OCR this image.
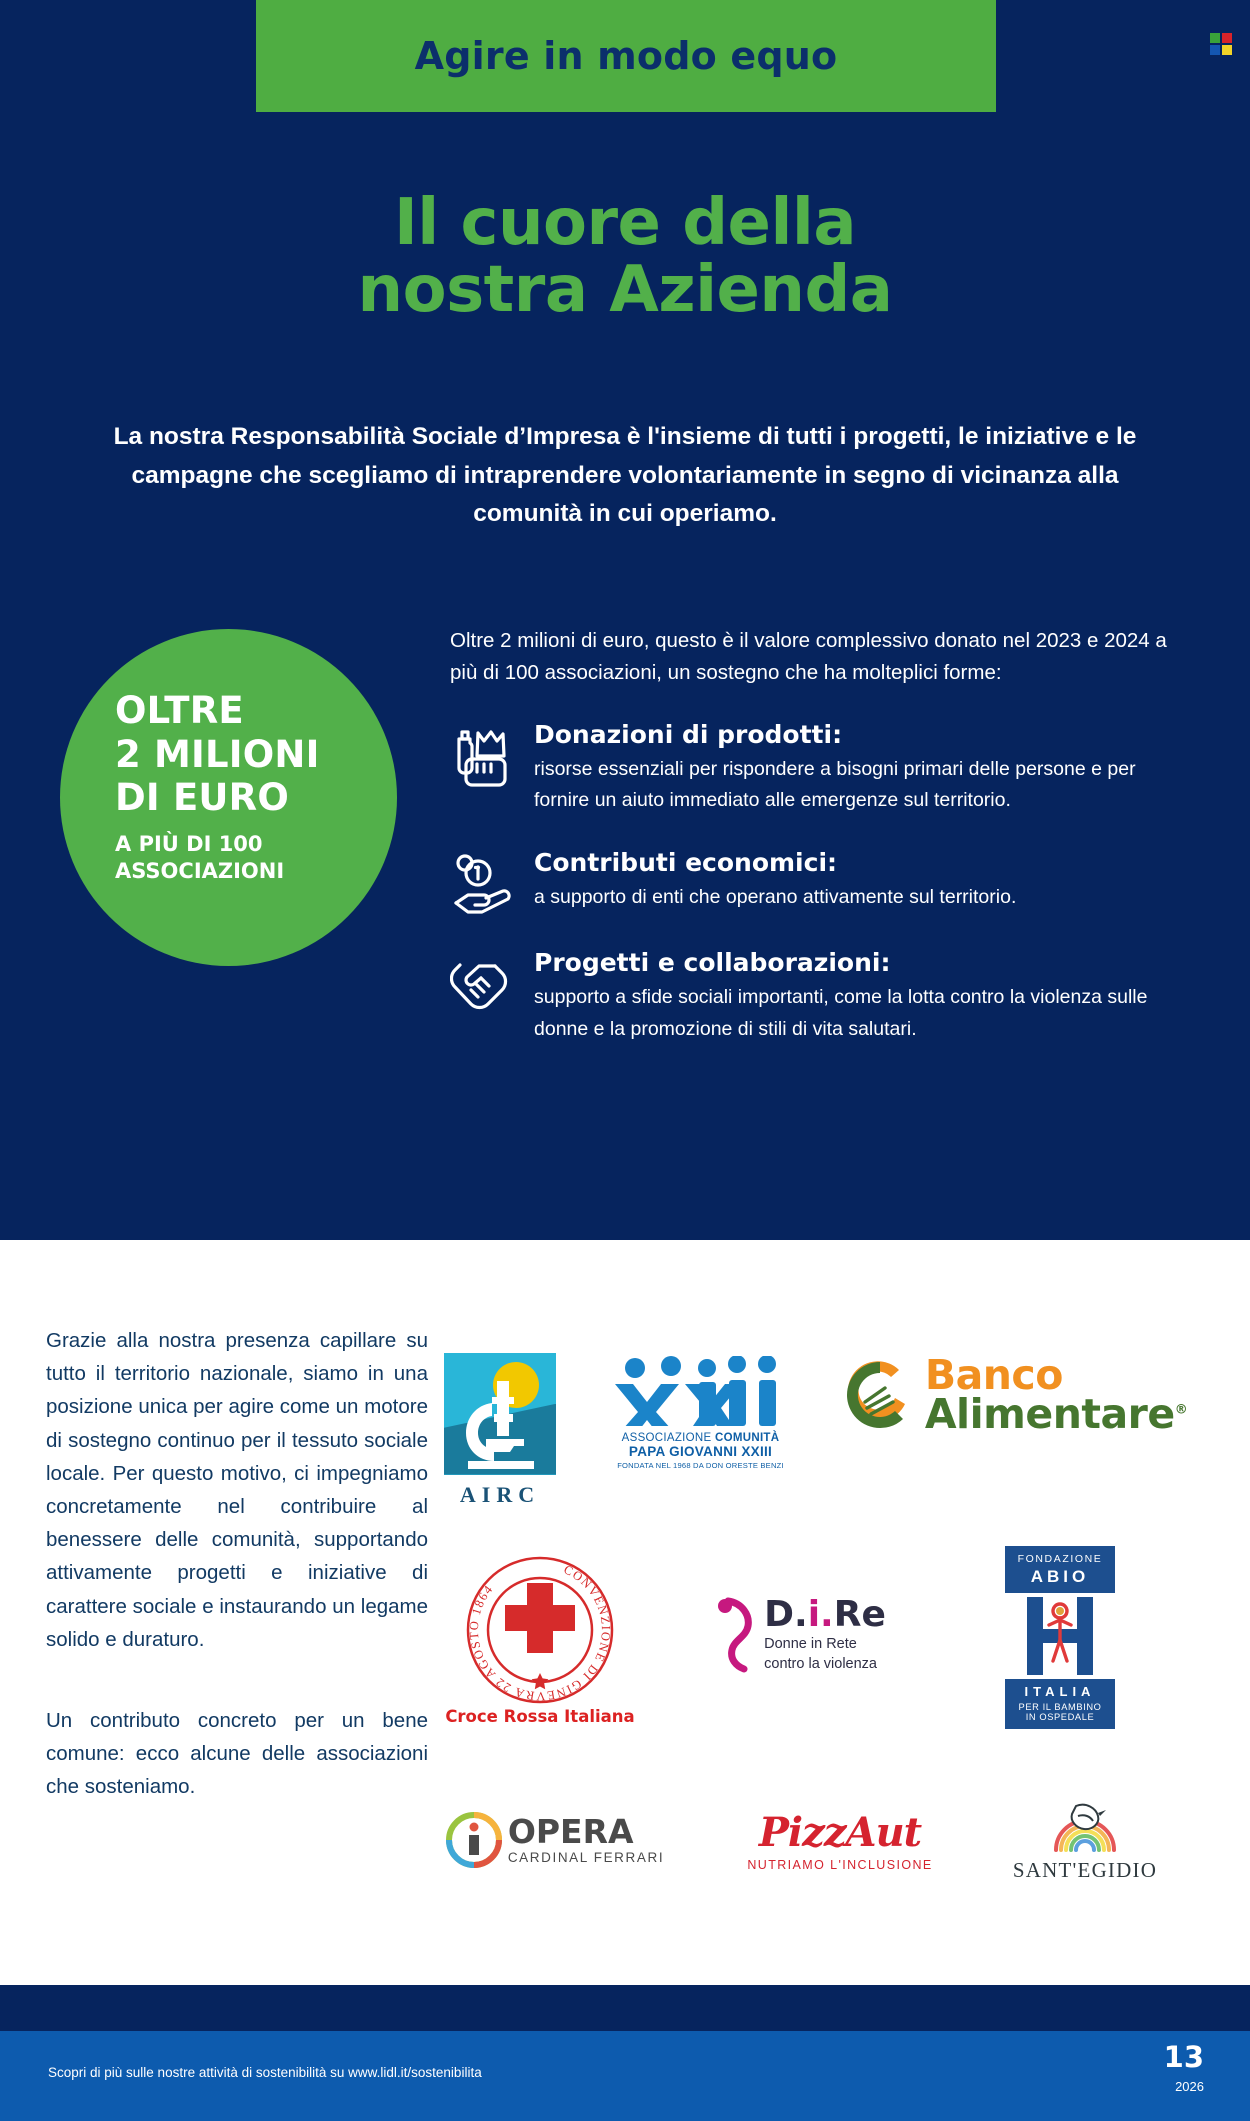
Agire in modo equo
Il cuore della
nostra Azienda
La nostra Responsabilità Sociale d’Impresa è l'insieme di tutti i progetti, le iniziative e le campagne che scegliamo di intraprendere volontariamente in segno di vicinanza alla comunità in cui operiamo.
OLTRE
2 MILIONI
DI EURO
A PIÙ DI 100
ASSOCIAZIONI
Oltre 2 milioni di euro, questo è il valore complessivo donato nel 2023 e 2024 a più di 100 associazioni, un sostegno che ha molteplici forme:
Donazioni di prodotti:
risorse essenziali per rispondere a bisogni primari delle persone e per fornire un aiuto immediato alle emergenze sul territorio.
Contributi economici:
a supporto di enti che operano attivamente sul territorio.
Progetti e collaborazioni:
supporto a sfide sociali importanti, come la lotta contro la violenza sulle donne e la promozione di stili di vita salutari.

Grazie alla nostra presenza capillare su tutto il territorio nazionale, siamo in una posizione unica per agire come un motore di sostegno continuo per il tessuto sociale locale. Per questo motivo, ci impegniamo concretamente nel contribuire al benessere delle comunità, supportando attivamente progetti e iniziative di carattere sociale e instaurando un legame solido e duraturo.

Un contributo concreto per un bene comune: ecco alcune delle associazioni che sosteniamo.

AIRC
ASSOCIAZIONE COMUNITÀ
PAPA GIOVANNI XXIII
FONDATA NEL 1968 DA DON ORESTE BENZI
Banco
Alimentare®
CONVENZIONE DI GINEVRA 22 AGOSTO 1864
Croce Rossa Italiana
D.i.Re
Donne in Rete
contro la violenza
FONDAZIONE
ABIO
ITALIA
PER IL BAMBINO
IN OSPEDALE
OPERA
CARDINAL FERRARI
PizzAut
NUTRIAMO L'INCLUSIONE	SANT'EGIDIO
Scopri di più sulle nostre attività di sostenibilità su www.lidl.it/sostenibilita	13
2026
